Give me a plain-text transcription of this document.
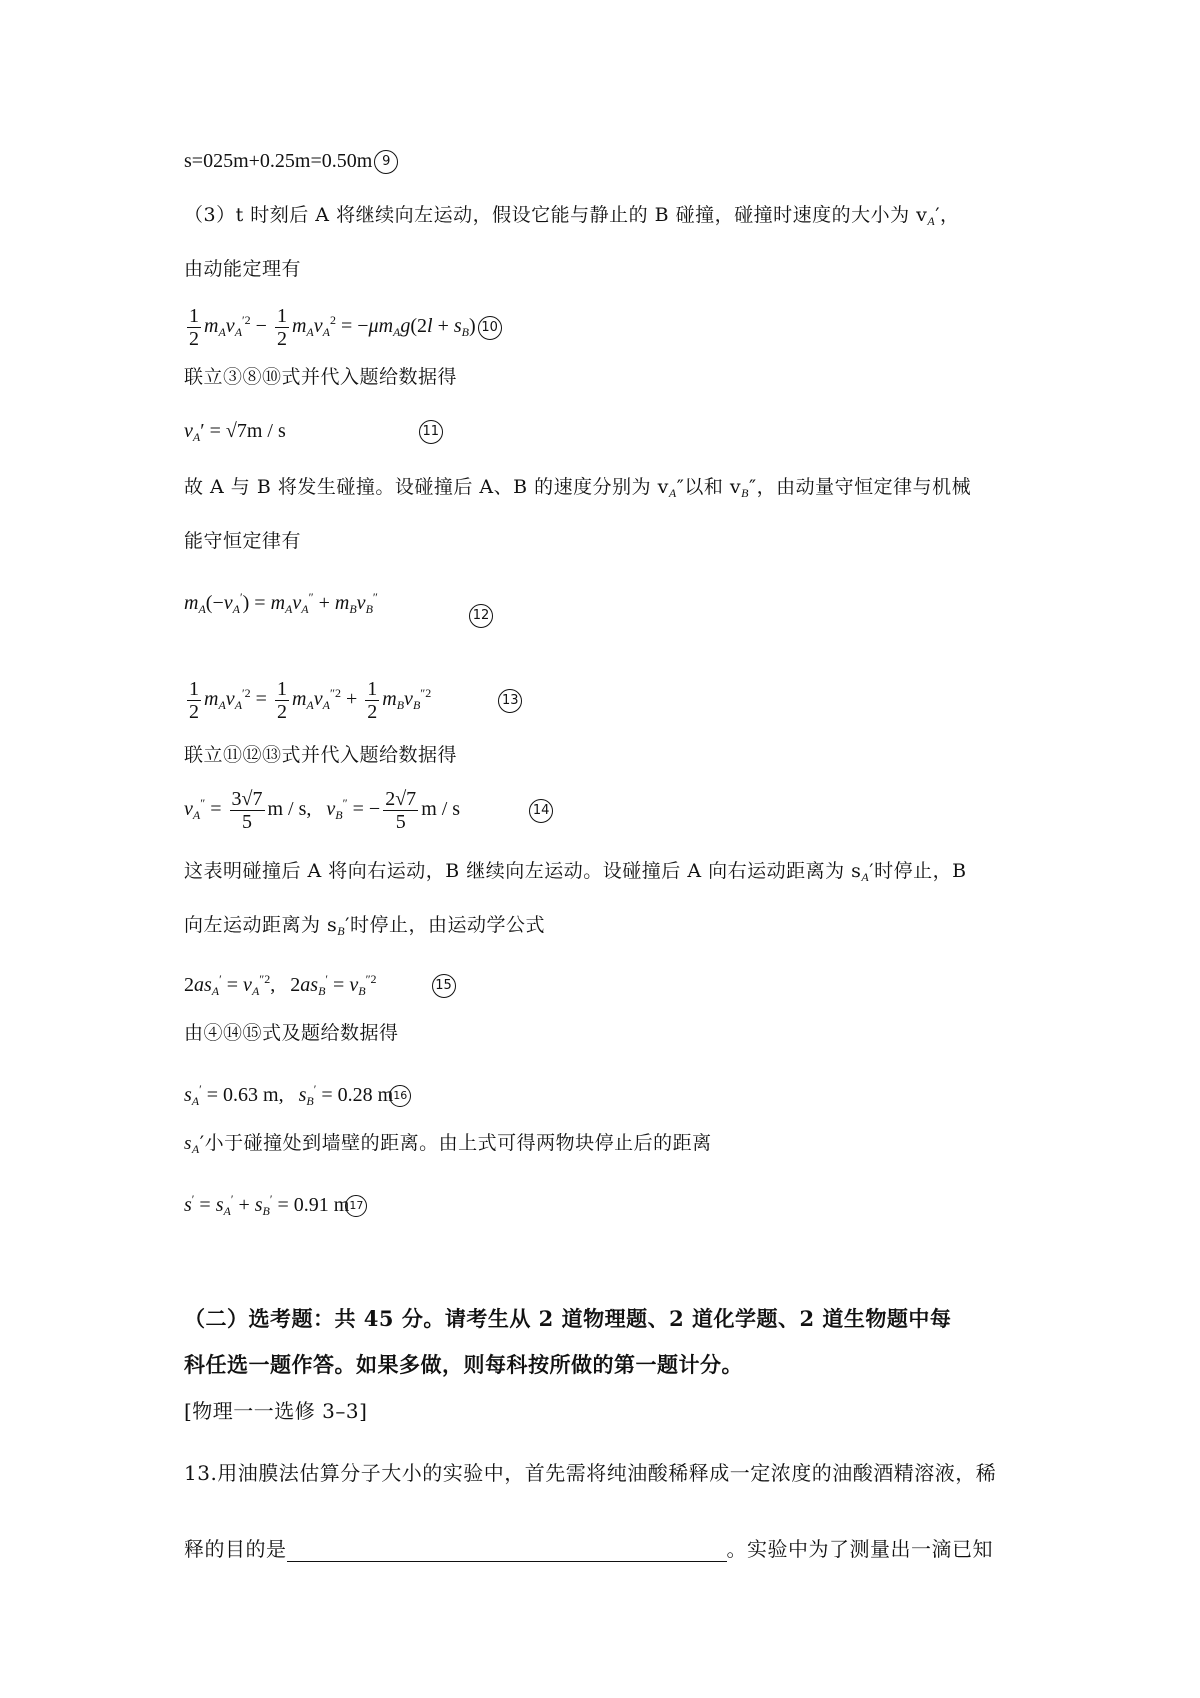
s=025m+0.25m=0.50m 9
（3）t 时刻后 A 将继续向左运动，假设它能与静止的 B 碰撞，碰撞时速度的大小为 $v_A'$，
由动能定理有
$\frac{1}{2} m_Av_A^{'2} - \frac{1}{2} m_Av_A^2 = -\mu m_Ag(2l + s_B)$ 10
联立③⑧⑩式并代入题给数据得
$v_A' = √7m / s$	11
故 A 与 B 将发生碰撞。设碰撞后 A、B 的速度分别为 $v_A''$以和 $v_B''$，由动量守恒定律与机械
能守恒定律有
$m_A(-v_A') = m_Av_A'' + m_Bv_B''$
12
$\frac{1}{2} m_Av_A^{'2} = \frac{1}{2} m_Av_A^{''2} + \frac{1}{2} m_Bv_B^{''2}$	13
联立⑪⑫⑬式并代入题给数据得
$v_A'' = \frac{3√7}{5}$ m / s,   $v_B''$ = − $\frac{2√7}{5}$ m / s	14
这表明碰撞后 A 将向右运动，B 继续向左运动。设碰撞后 A 向右运动距离为 $s_A'$时停止，B
向左运动距离为 $s_B'$时停止，由运动学公式
$2as_A' = v_A^{''2}$,   $2as_B' = v_B^{''2}$	15
由④⑭⑮式及题给数据得
$s_A' = 0.63$ m, $s_B' = 0.28$ m16
$s_A'$小于碰撞处到墙壁的距离。由上式可得两物块停止后的距离
$s' = s_A' + s_B' = 0.91$ m17
（二）选考题：共 45 分。请考生从 2 道物理题、2 道化学题、2 道生物题中每
科任选一题作答。如果多做，则每科按所做的第一题计分。
[物理一一选修 3–3]
13.用油膜法估算分子大小的实验中，首先需将纯油酸稀释成一定浓度的油酸酒精溶液，稀
释的目的是	。实验中为了测量出一滴已知
